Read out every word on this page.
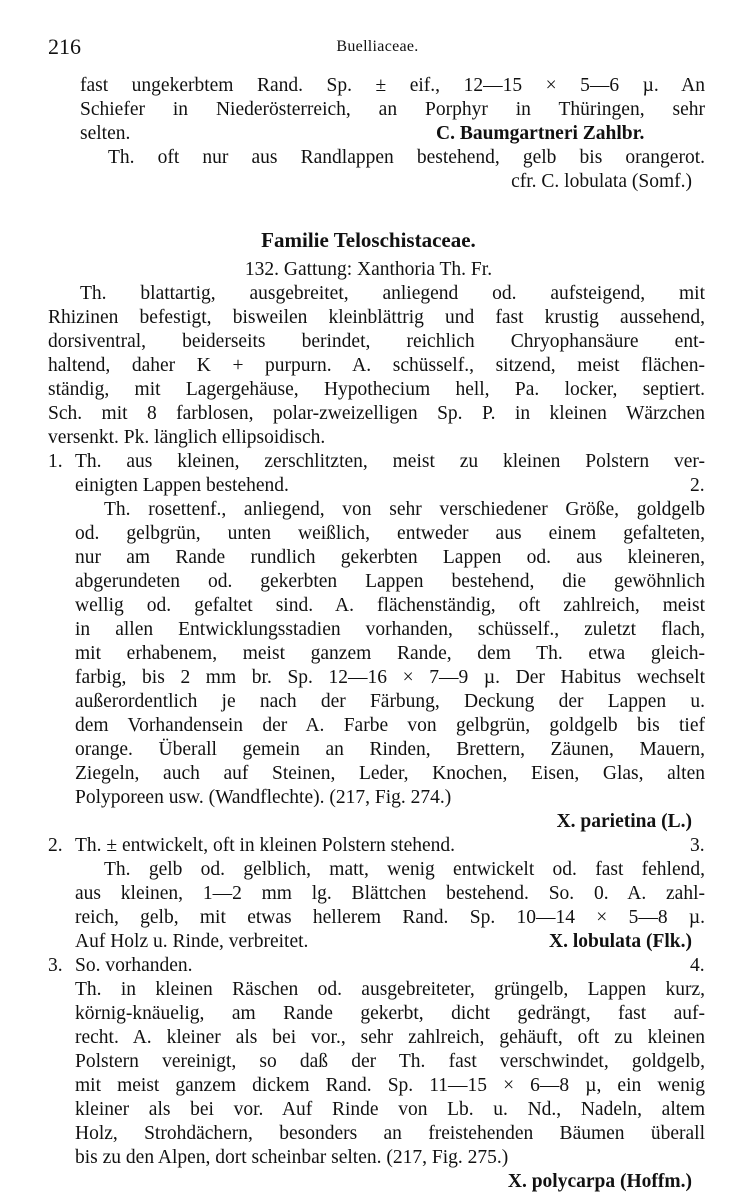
216	Buelliaceae.
fast ungekerbtem Rand. Sp. ± eif., 12—15 × 5—6 µ. An
Schiefer in Niederösterreich, an Porphyr in Thüringen, sehr
selten.	C. Baumgartneri Zahlbr.
Th. oft nur aus Randlappen bestehend, gelb bis orangerot.
cfr. C. lobulata (Somf.)
Familie Teloschistaceae.
132. Gattung: Xanthoria Th. Fr.
Th. blattartig, ausgebreitet, anliegend od. aufsteigend, mit
Rhizinen befestigt, bisweilen kleinblättrig und fast krustig aussehend,
dorsiventral, beiderseits berindet, reichlich Chryophansäure ent-
haltend, daher K + purpurn. A. schüsself., sitzend, meist flächen-
ständig, mit Lagergehäuse, Hypothecium hell, Pa. locker, septiert.
Sch. mit 8 farblosen, polar-zweizelligen Sp. P. in kleinen Wärzchen
versenkt. Pk. länglich ellipsoidisch.
1. Th. aus kleinen, zerschlitzten, meist zu kleinen Polstern ver-
einigten Lappen bestehend.	2.
Th. rosettenf., anliegend, von sehr verschiedener Größe, goldgelb
od. gelbgrün, unten weißlich, entweder aus einem gefalteten,
nur am Rande rundlich gekerbten Lappen od. aus kleineren,
abgerundeten od. gekerbten Lappen bestehend, die gewöhnlich
wellig od. gefaltet sind. A. flächenständig, oft zahlreich, meist
in allen Entwicklungsstadien vorhanden, schüsself., zuletzt flach,
mit erhabenem, meist ganzem Rande, dem Th. etwa gleich-
farbig, bis 2 mm br. Sp. 12—16 × 7—9 µ. Der Habitus wechselt
außerordentlich je nach der Färbung, Deckung der Lappen u.
dem Vorhandensein der A. Farbe von gelbgrün, goldgelb bis tief
orange. Überall gemein an Rinden, Brettern, Zäunen, Mauern,
Ziegeln, auch auf Steinen, Leder, Knochen, Eisen, Glas, alten
Polyporeen usw. (Wandflechte). (217, Fig. 274.)
X. parietina (L.)
2. Th. ± entwickelt, oft in kleinen Polstern stehend.	3.
Th. gelb od. gelblich, matt, wenig entwickelt od. fast fehlend,
aus kleinen, 1—2 mm lg. Blättchen bestehend. So. 0. A. zahl-
reich, gelb, mit etwas hellerem Rand. Sp. 10—14 × 5—8 µ.
Auf Holz u. Rinde, verbreitet.	X. lobulata (Flk.)
3. So. vorhanden.	4.
Th. in kleinen Räschen od. ausgebreiteter, grüngelb, Lappen kurz,
körnig-knäuelig, am Rande gekerbt, dicht gedrängt, fast auf-
recht. A. kleiner als bei vor., sehr zahlreich, gehäuft, oft zu kleinen
Polstern vereinigt, so daß der Th. fast verschwindet, goldgelb,
mit meist ganzem dickem Rand. Sp. 11—15 × 6—8 µ, ein wenig
kleiner als bei vor. Auf Rinde von Lb. u. Nd., Nadeln, altem
Holz, Strohdächern, besonders an freistehenden Bäumen überall
bis zu den Alpen, dort scheinbar selten. (217, Fig. 275.)
X. polycarpa (Hoffm.)
